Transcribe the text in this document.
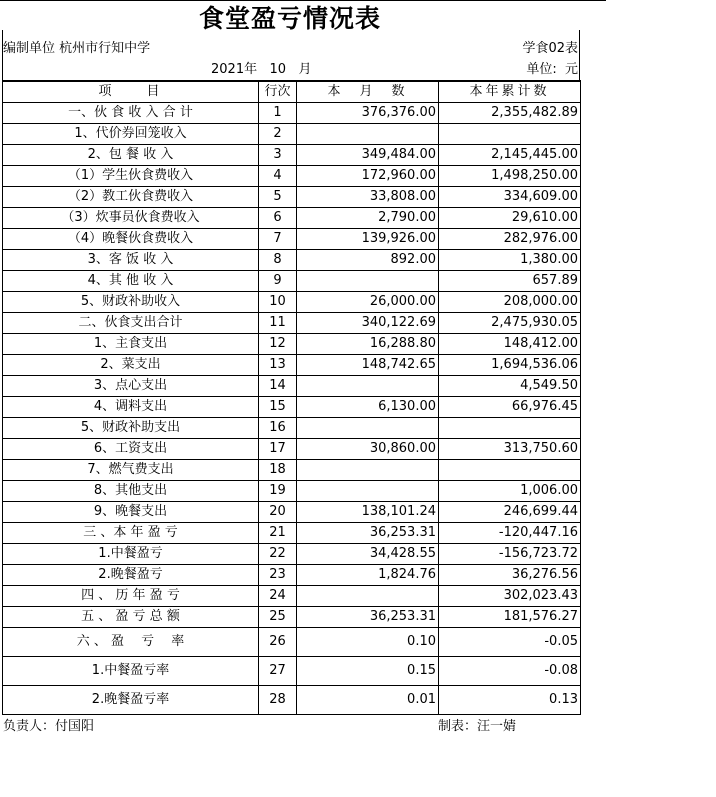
食堂盈亏情况表
编制单位 杭州市行知中学	学食02表
2021年 10 月	单位: 元
项　　目	行次	本　月　数	本年累计数
一、伙 食 收 入 合 计	1	376,376.00	2,355,482.89
1、代价券回笼收入	2		
2、包 餐 收 入	3	349,484.00	2,145,445.00
（1）学生伙食费收入	4	172,960.00	1,498,250.00
（2）教工伙食费收入	5	33,808.00	334,609.00
（3）炊事员伙食费收入	6	2,790.00	29,610.00
（4）晚餐伙食费收入	7	139,926.00	282,976.00
3、客 饭 收 入	8	892.00	1,380.00
4、其 他 收 入	9		657.89
5、财政补助收入	10	26,000.00	208,000.00
二、伙食支出合计	11	340,122.69	2,475,930.05
1、主食支出	12	16,288.80	148,412.00
2、菜支出	13	148,742.65	1,694,536.06
3、点心支出	14		4,549.50
4、调料支出	15	6,130.00	66,976.45
5、财政补助支出	16		
6、工资支出	17	30,860.00	313,750.60
7、燃气费支出	18		
8、其他支出	19		1,006.00
9、晚餐支出	20	138,101.24	246,699.44
三 、本 年 盈 亏	21	36,253.31	-120,447.16
1.中餐盈亏	22	34,428.55	-156,723.72
2.晚餐盈亏	23	1,824.76	36,276.56
四 、 历 年 盈 亏	24		302,023.43
五 、 盈 亏 总 额	25	36,253.31	181,576.27
六 、 盈　 亏　 率	26	0.10	-0.05
1.中餐盈亏率	27	0.15	-0.08
2.晚餐盈亏率	28	0.01	0.13
负责人：付国阳	制表：汪一婧
